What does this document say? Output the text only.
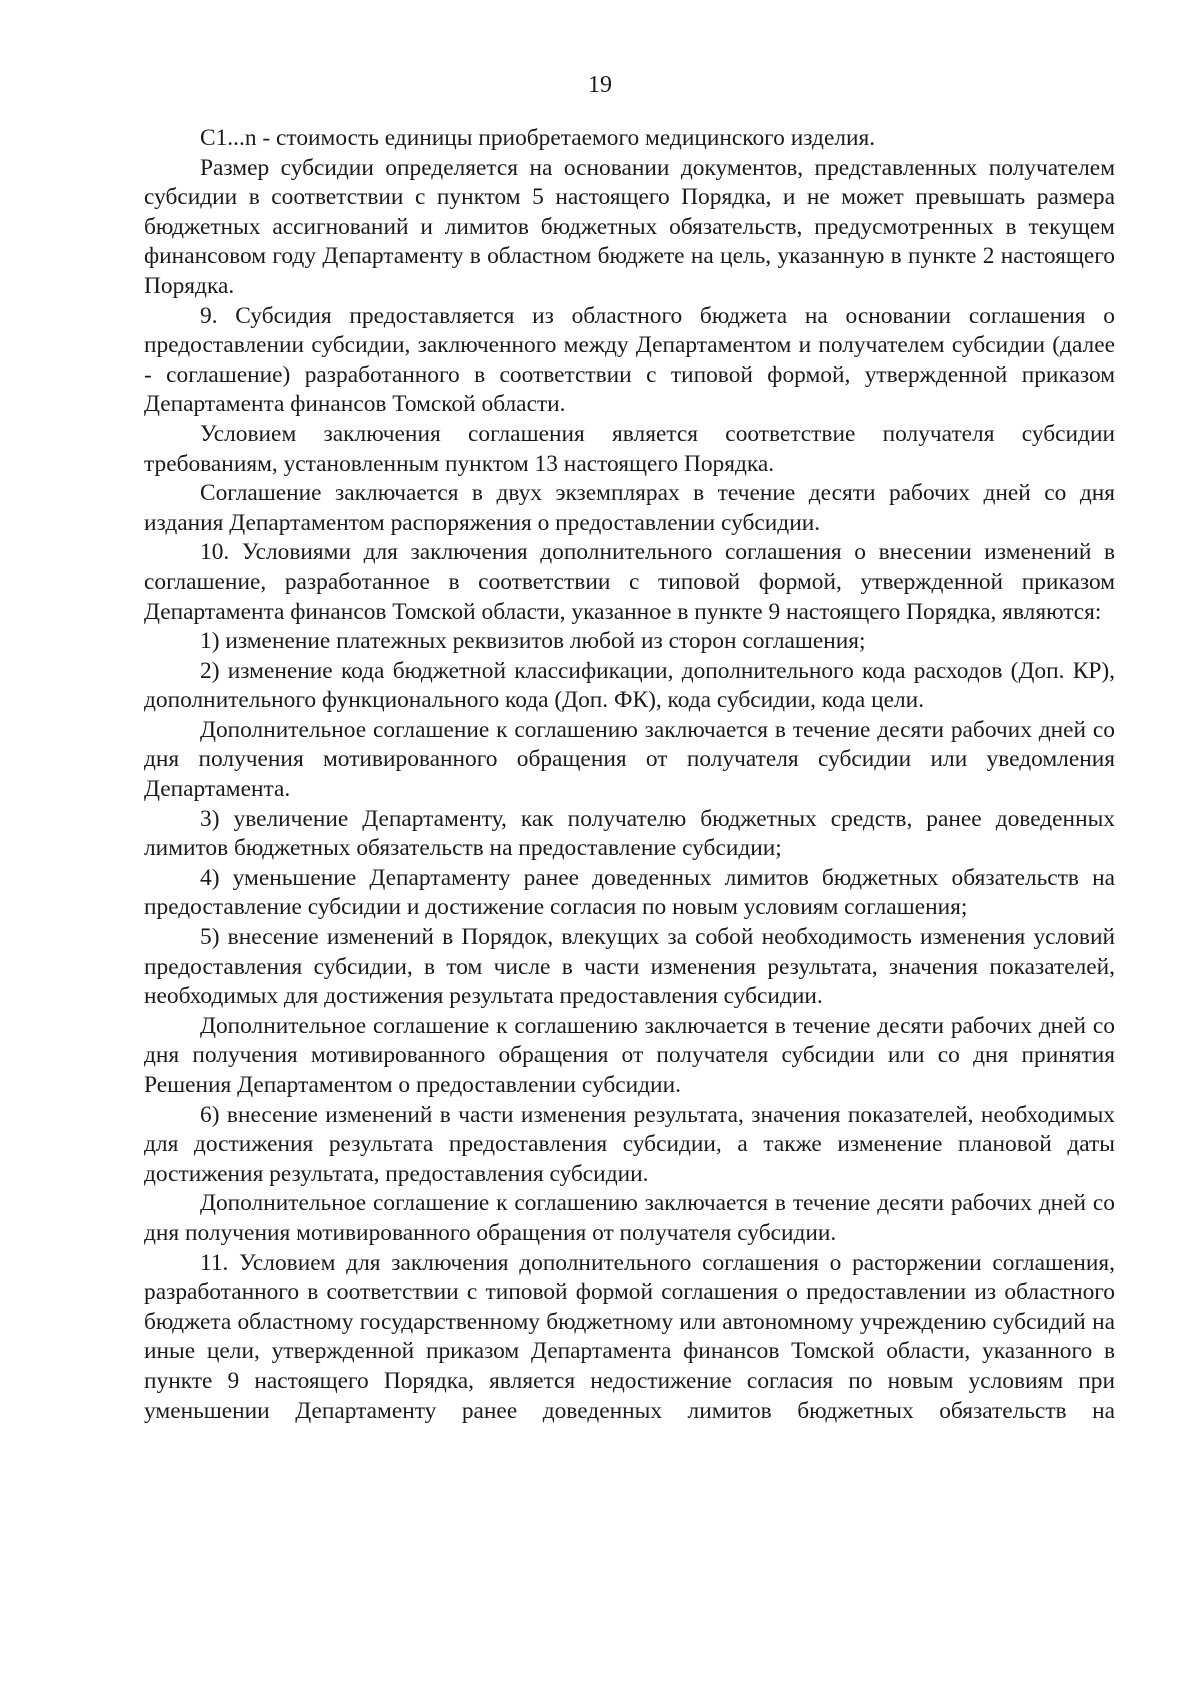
19

С1...n - стоимость единицы приобретаемого медицинского изделия.

Размер субсидии определяется на основании документов, представленных получателем субсидии в соответствии с пунктом 5 настоящего Порядка, и не может превышать размера бюджетных ассигнований и лимитов бюджетных обязательств, предусмотренных в текущем финансовом году Департаменту в областном бюджете на цель, указанную в пункте 2 настоящего Порядка.

9. Субсидия предоставляется из областного бюджета на основании соглашения о предоставлении субсидии, заключенного между Департаментом и получателем субсидии (далее - соглашение) разработанного в соответствии с типовой формой, утвержденной приказом Департамента финансов Томской области.

Условием заключения соглашения является соответствие получателя субсидии требованиям, установленным пунктом 13 настоящего Порядка.

Соглашение заключается в двух экземплярах в течение десяти рабочих дней со дня издания Департаментом распоряжения о предоставлении субсидии.

10. Условиями для заключения дополнительного соглашения о внесении изменений в соглашение, разработанное в соответствии с типовой формой, утвержденной приказом Департамента финансов Томской области, указанное в пункте 9 настоящего Порядка, являются:

1) изменение платежных реквизитов любой из сторон соглашения;

2) изменение кода бюджетной классификации, дополнительного кода расходов (Доп. КР), дополнительного функционального кода (Доп. ФК), кода субсидии, кода цели.

Дополнительное соглашение к соглашению заключается в течение десяти рабочих дней со дня получения мотивированного обращения от получателя субсидии или уведомления Департамента.

3) увеличение Департаменту, как получателю бюджетных средств, ранее доведенных лимитов бюджетных обязательств на предоставление субсидии;

4) уменьшение Департаменту ранее доведенных лимитов бюджетных обязательств на предоставление субсидии и достижение согласия по новым условиям соглашения;

5) внесение изменений в Порядок, влекущих за собой необходимость изменения условий предоставления субсидии, в том числе в части изменения результата, значения показателей, необходимых для достижения результата предоставления субсидии.

Дополнительное соглашение к соглашению заключается в течение десяти рабочих дней со дня получения мотивированного обращения от получателя субсидии или со дня принятия Решения Департаментом о предоставлении субсидии.

6) внесение изменений в части изменения результата, значения показателей, необходимых для достижения результата предоставления субсидии, а также изменение плановой даты достижения результата, предоставления субсидии.

Дополнительное соглашение к соглашению заключается в течение десяти рабочих дней со дня получения мотивированного обращения от получателя субсидии.

11. Условием для заключения дополнительного соглашения о расторжении соглашения, разработанного в соответствии с типовой формой соглашения о предоставлении из областного бюджета областному государственному бюджетному или автономному учреждению субсидий на иные цели, утвержденной приказом Департамента финансов Томской области, указанного в пункте 9 настоящего Порядка, является недостижение согласия по новым условиям при уменьшении Департаменту ранее доведенных лимитов бюджетных обязательств на
